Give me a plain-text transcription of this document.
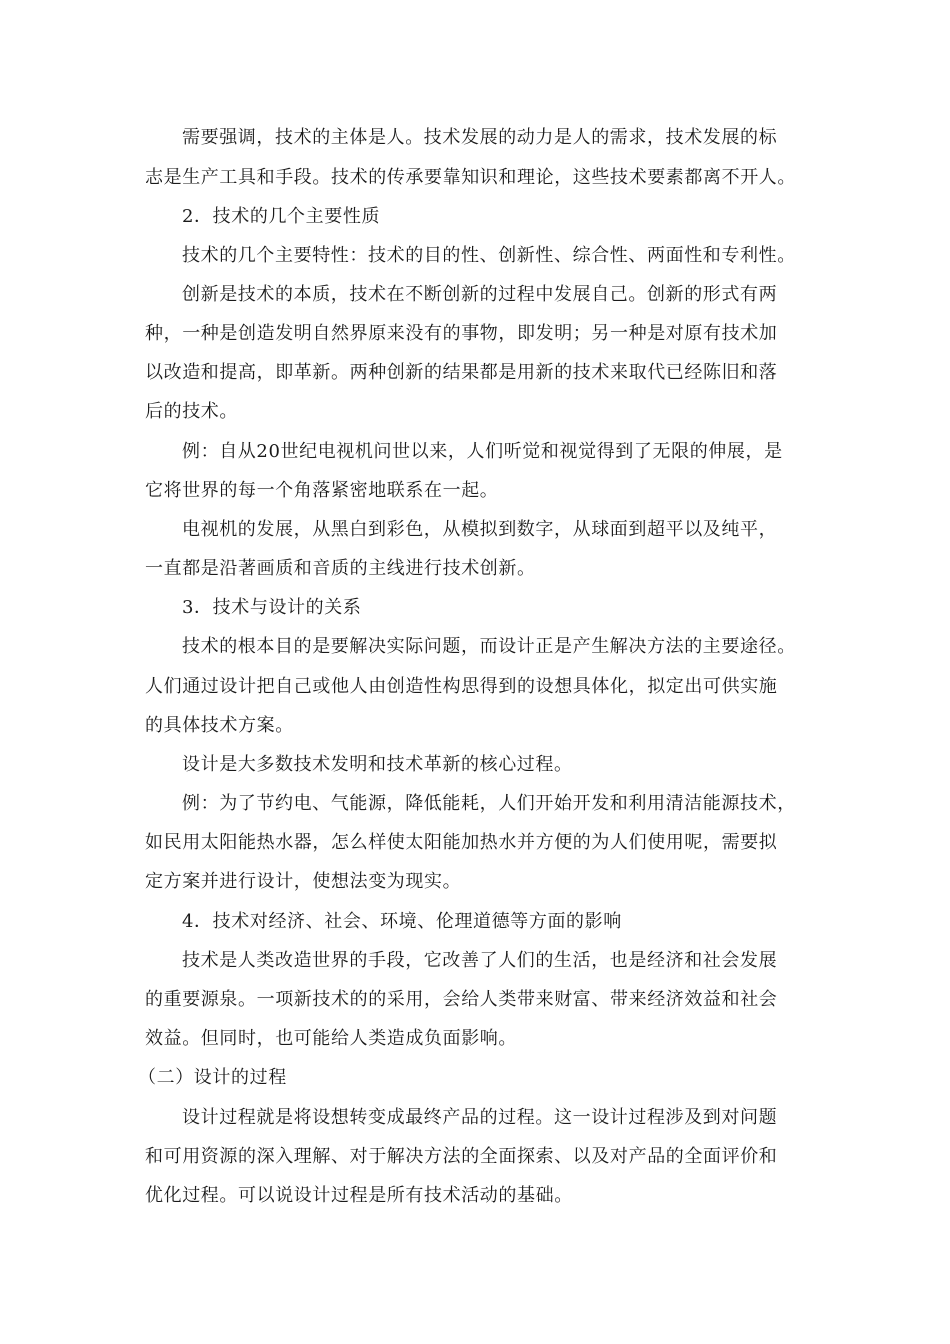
需要强调，技术的主体是人。技术发展的动力是人的需求，技术发展的标
志是生产工具和手段。技术的传承要靠知识和理论，这些技术要素都离不开人。
2．技术的几个主要性质
技术的几个主要特性：技术的目的性、创新性、综合性、两面性和专利性。
创新是技术的本质，技术在不断创新的过程中发展自己。创新的形式有两
种，一种是创造发明自然界原来没有的事物，即发明；另一种是对原有技术加
以改造和提高，即革新。两种创新的结果都是用新的技术来取代已经陈旧和落
后的技术。
例：自从20世纪电视机问世以来，人们听觉和视觉得到了无限的伸展，是
它将世界的每一个角落紧密地联系在一起。
电视机的发展，从黑白到彩色，从模拟到数字，从球面到超平以及纯平，
一直都是沿著画质和音质的主线进行技术创新。
3．技术与设计的关系
技术的根本目的是要解决实际问题，而设计正是产生解决方法的主要途径。
人们通过设计把自己或他人由创造性构思得到的设想具体化，拟定出可供实施
的具体技术方案。
设计是大多数技术发明和技术革新的核心过程。
例：为了节约电、气能源，降低能耗，人们开始开发和利用清洁能源技术，
如民用太阳能热水器，怎么样使太阳能加热水并方便的为人们使用呢，需要拟
定方案并进行设计，使想法变为现实。
4．技术对经济、社会、环境、伦理道德等方面的影响
技术是人类改造世界的手段，它改善了人们的生活，也是经济和社会发展
的重要源泉。一项新技术的的采用，会给人类带来财富、带来经济效益和社会
效益。但同时，也可能给人类造成负面影响。
（二）设计的过程
设计过程就是将设想转变成最终产品的过程。这一设计过程涉及到对问题
和可用资源的深入理解、对于解决方法的全面探索、以及对产品的全面评价和
优化过程。可以说设计过程是所有技术活动的基础。
